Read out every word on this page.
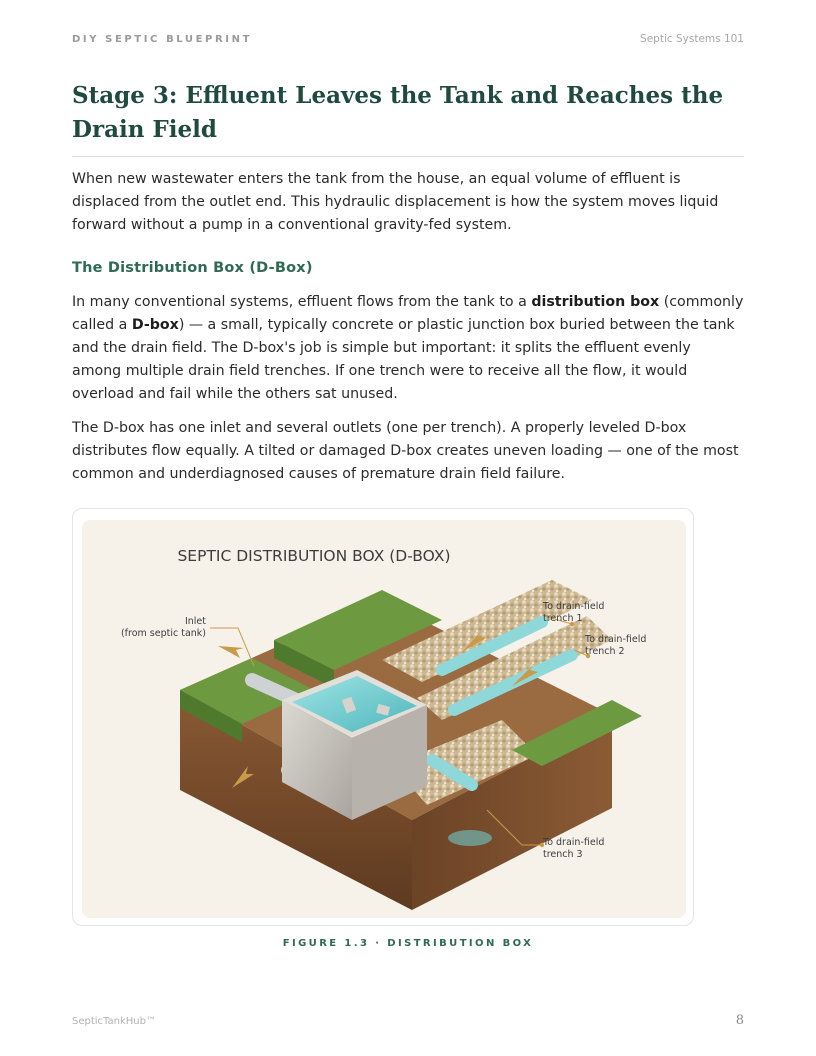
DIY SEPTIC BLUEPRINT	Septic Systems 101
Stage 3: Effluent Leaves the Tank and Reaches the Drain Field

When new wastewater enters the tank from the house, an equal volume of effluent is displaced from the outlet end. This hydraulic displacement is how the system moves liquid forward without a pump in a conventional gravity-fed system.

The Distribution Box (D-Box)

In many conventional systems, effluent flows from the tank to a distribution box (commonly called a D-box) — a small, typically concrete or plastic junction box buried between the tank and the drain field. The D-box's job is simple but important: it splits the effluent evenly among multiple drain field trenches. If one trench were to receive all the flow, it would overload and fail while the others sat unused.

The D-box has one inlet and several outlets (one per trench). A properly leveled D-box distributes flow equally. A tilted or damaged D-box creates uneven loading — one of the most common and underdiagnosed causes of premature drain field failure.

SEPTIC DISTRIBUTION BOX (D-BOX)
Inlet
(from septic tank)
To drain-field
trench 1
To drain-field
trench 2
To drain-field
trench 3
FIGURE 1.3 · DISTRIBUTION BOX
SepticTankHub™	8
